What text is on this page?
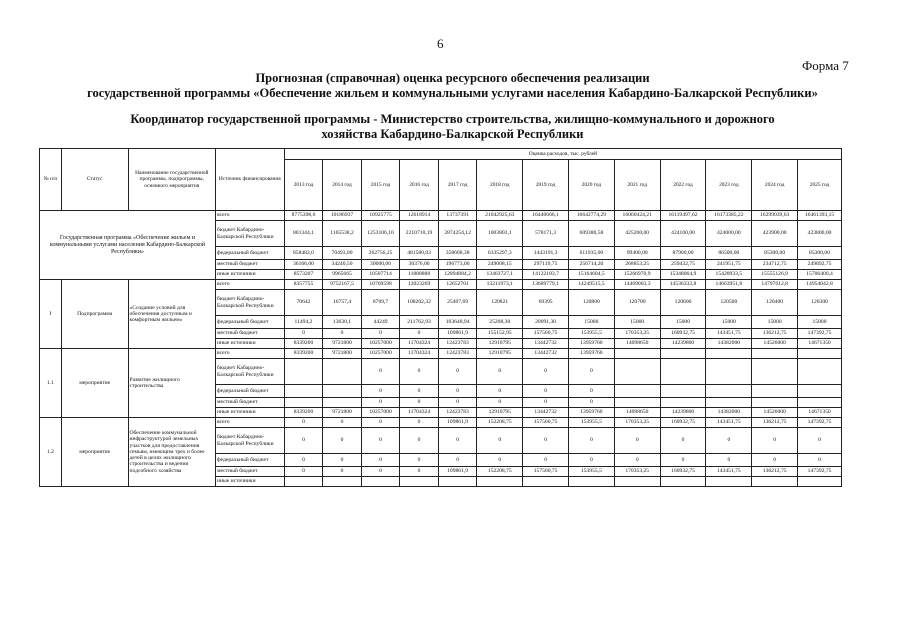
6
Форма 7
Прогнозная (справочная) оценка ресурсного обеспечения реализации
государственной программы «Обеспечение жильем и коммунальными услугами населения Кабардино-Балкарской Республики»
Координатор государственной программы - Министерство строительства, жилищно-коммунального и дорожного
хозяйства Кабардино-Балкарской Республики
№ п/п	Статус	Наименование государственной программы, подпрограммы, основного мероприятия	Источник финансирования	Оценка расходов, тыс. рублей												
				2013 год	2014 год	2015 год	2016 год	2017 год	2018 год	2019 год	2020 год	2021 год	2022 год	2023 год	2024 год	2025 год
Государственная программа «Обеспечение жильем и коммунальными услугами населения Кабардино-Балкарской Республики»			всего	8775398,6	10186937	10925775	12618914	13737391	21042925,63	16440666,1	16642774,29	16060424,21	16119497,62	16173385,22	16299039,63	16461393,15
			бюджет Кабардино-Балкарской Республики	801344,1	1165538,2	1253106,10	2210710,19	2874254,12	1003803,1	578171,3	609380,58	425200,00	424100,00	424000,00	423900,00	423800,00
			федеральный бюджет	858482,0	70493,00	262756,25	481580,03	358608,38	6335297,3	1443191,3	611935,00	99400,00	87900,00	86500,00	85300,00	85300,00
			местный бюджет	36166,00	34240,50	30000,00	30376,00	196773,00	249008,15	297119,75	256714,20	268853,25	259432,75	241951,75	234712,75	249892,75
			иные источники	8573207	9965665	10507714	11888888	12894884,2	13463727,1	14122183,7	15164604,5	15266970,9	15348064,9	15420933,5	15555126,9	15706400,4
I	Подпрограмма	«Создание условий для обеспечения доступным и комфортным жильем»	всего	8357755	9752167,5	10769598	12023269	12652701	13211973,1	13689779,1	14249515,5	14469003,3	14536332,8	14663951,8	14797612,8	14954042,8
			бюджет Кабардино-Балкарской Республики	70642	16757,4	8709,7	108202,32	25407,69	120821	69395	120800	120700	120600	120500	120400	120300
			федеральный бюджет	11494,2	13630,1	44249	211762,93	103648,94	25208,30	20091,30	15000	15000	15000	15000	15000	15000
			местный бюджет	0	0	0	0	109861,9	155152,95	157560,75	153955,5	170353,25	160932,75	143451,75	136212,75	147392,75
			иные источники	8339200	9721800	10257000	11704324	12423783	12910795	13442732	13959760	14098650	14239800	14382000	14526000	14671350
1.1	мероприятие	Развитие жилищного строительства	всего	8339200	9721800	10257000	11704324	12423783	12910795	13442732	13959760					
			бюджет Кабардино-Балкарской Республики			0	0	0	0	0	0					
			федеральный бюджет			0	0	0	0	0	0					
			местный бюджет			0	0	0	0	0	0					
			иные источники	8339200	9721800	10257000	11704324	12423783	12910795	13442732	13959760	14098650	14239800	14382000	14526000	14671350
1.2	мероприятие	Обеспечение коммунальной инфраструктурой земельных участков для предоставления семьям, имеющим трех и более детей в целях жилищного строительства и ведения подсобного хозяйства	всего	0	0	0	0	109861,9	152208,75	157560,75	153955,5	170353,25	160932,75	143451,75	136212,75	147392,75
			бюджет Кабардино-Балкарской Республики	0	0	0	0	0	0	0	0	0	0	0	0	0
			федеральный бюджет	0	0	0	0	0	0	0	0	0	0	0	0	0
			местный бюджет	0	0	0	0	109861,9	152208,75	157560,75	153955,5	170353,25	160932,75	143451,75	136212,75	147392,75
			иные источники													
